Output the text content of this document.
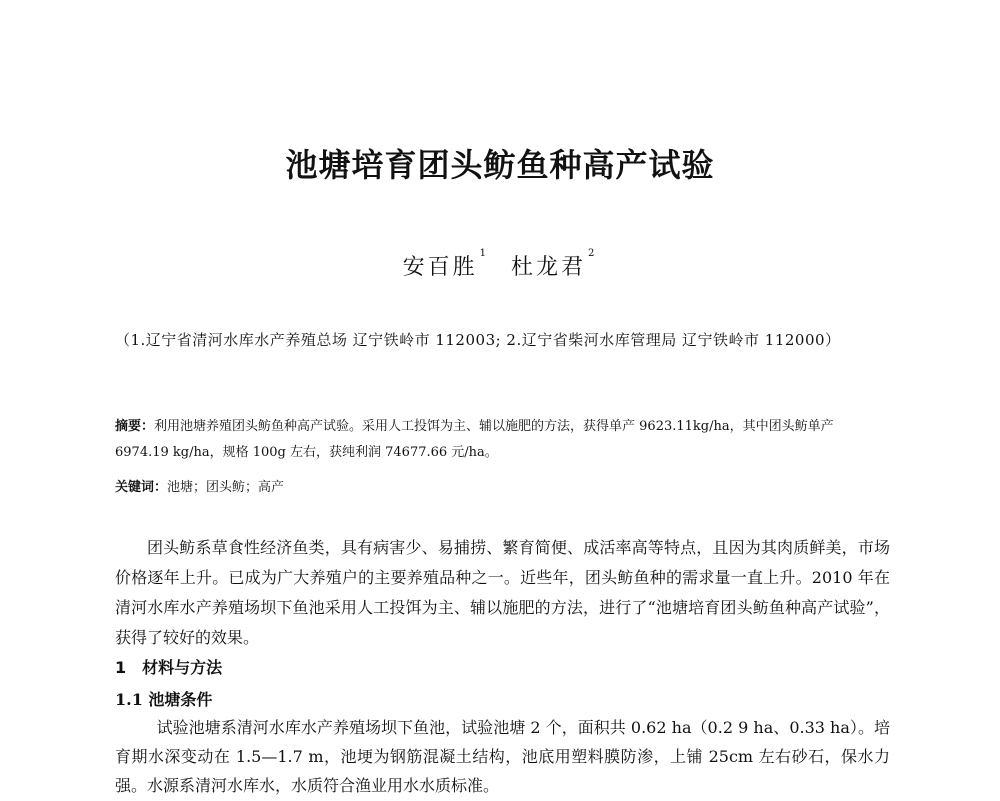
池塘培育团头鲂鱼种高产试验
安百胜$^1$ 杜龙君$^2$
（1.辽宁省清河水库水产养殖总场 辽宁铁岭市 112003; 2.辽宁省柴河水库管理局 辽宁铁岭市 112000）
摘要：利用池塘养殖团头鲂鱼种高产试验。采用人工投饵为主、辅以施肥的方法，获得单产 9623.11kg/ha，其中团头鲂单产 6974.19 kg/ha，规格 100g 左右，获纯利润 74677.66 元/ha。
关键词：池塘；团头鲂；高产

团头鲂系草食性经济鱼类，具有病害少、易捕捞、繁育简便、成活率高等特点，且因为其肉质鲜美，市场价格逐年上升。已成为广大养殖户的主要养殖品种之一。近些年，团头鲂鱼种的需求量一直上升。2010 年在清河水库水产养殖场坝下鱼池采用人工投饵为主、辅以施肥的方法，进行了“池塘培育团头鲂鱼种高产试验”，获得了较好的效果。

1 材料与方法
1.1 池塘条件

试验池塘系清河水库水产养殖场坝下鱼池，试验池塘 2 个，面积共 0.62 ha（0.2 9 ha、0.33 ha）。培育期水深变动在 1.5—1.7 m，池埂为钢筋混凝土结构，池底用塑料膜防渗，上铺 25cm 左右砂石，保水力强。水源系清河水库水，水质符合渔业用水水质标准。
